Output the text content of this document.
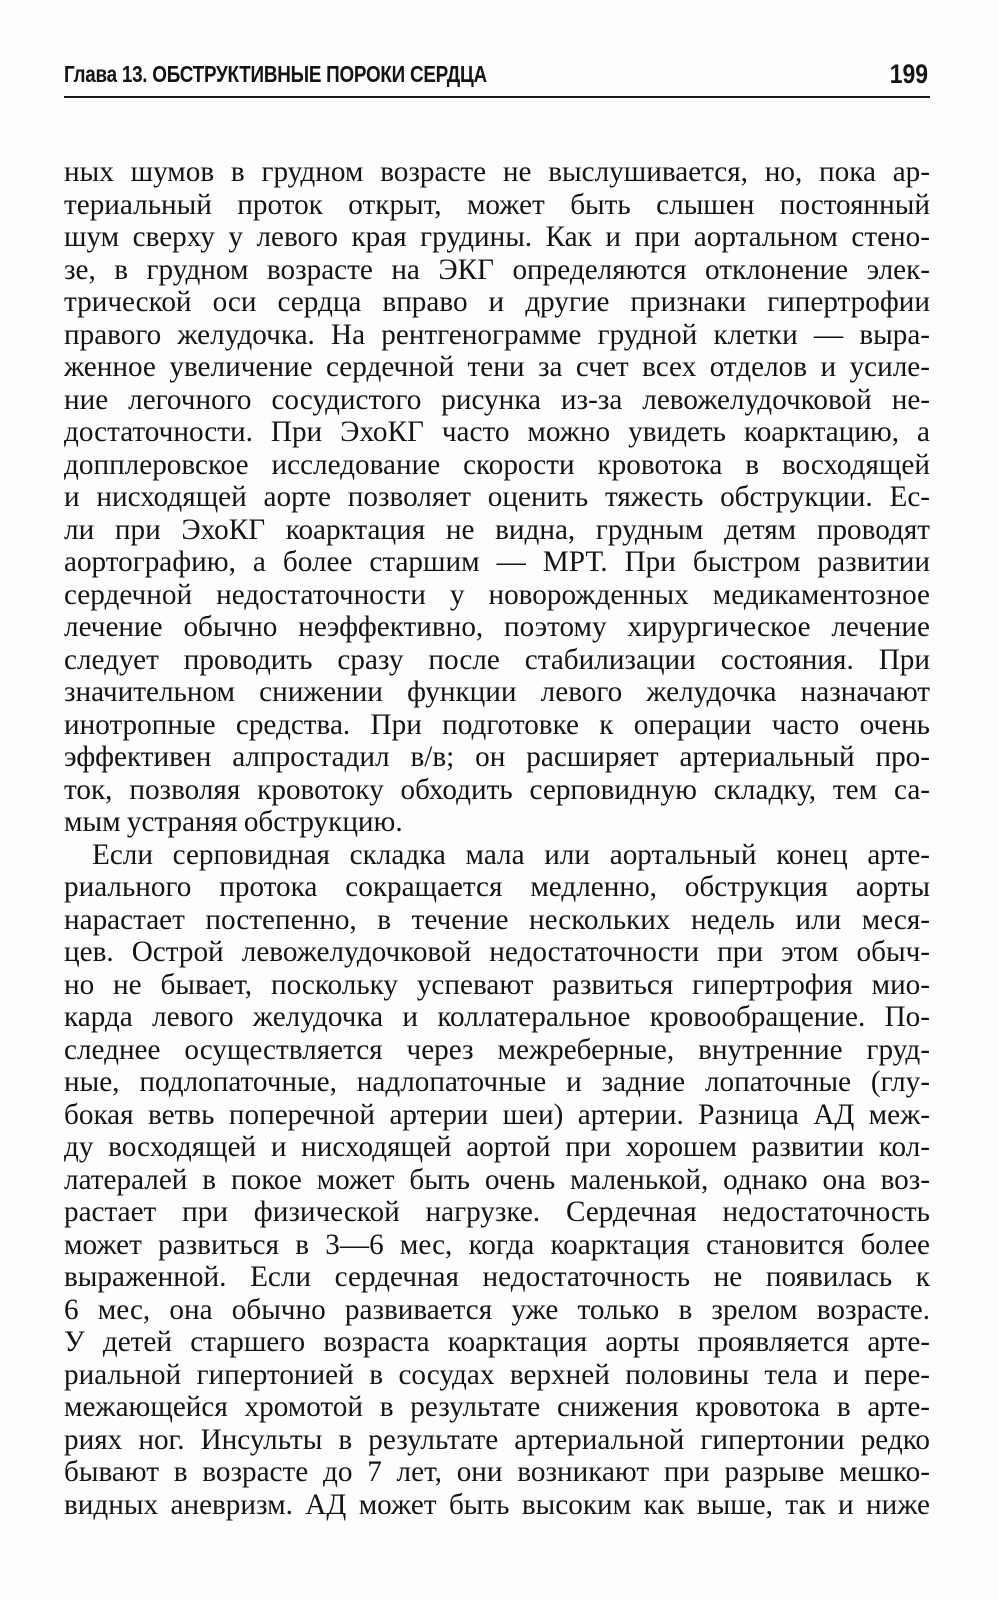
Глава 13. ОБСТРУКТИВНЫЕ ПОРОКИ СЕРДЦА	199
ных шумов в грудном возрасте не выслушивается, но, пока ар-
териальный проток открыт, может быть слышен постоянный
шум сверху у левого края грудины. Как и при аортальном стено-
зе, в грудном возрасте на ЭКГ определяются отклонение элек-
трической оси сердца вправо и другие признаки гипертрофии
правого желудочка. На рентгенограмме грудной клетки — выра-
женное увеличение сердечной тени за счет всех отделов и усиле-
ние легочного сосудистого рисунка из-за левожелудочковой не-
достаточности. При ЭхоКГ часто можно увидеть коарктацию, а
допплеровское исследование скорости кровотока в восходящей
и нисходящей аорте позволяет оценить тяжесть обструкции. Ес-
ли при ЭхоКГ коарктация не видна, грудным детям проводят
аортографию, а более старшим — МРТ. При быстром развитии
сердечной недостаточности у новорожденных медикаментозное
лечение обычно неэффективно, поэтому хирургическое лечение
следует проводить сразу после стабилизации состояния. При
значительном снижении функции левого желудочка назначают
инотропные средства. При подготовке к операции часто очень
эффективен алпростадил в/в; он расширяет артериальный про-
ток, позволяя кровотоку обходить серповидную складку, тем са-
мым устраняя обструкцию.
Если серповидная складка мала или аортальный конец арте-
риального протока сокращается медленно, обструкция аорты
нарастает постепенно, в течение нескольких недель или меся-
цев. Острой левожелудочковой недостаточности при этом обыч-
но не бывает, поскольку успевают развиться гипертрофия мио-
карда левого желудочка и коллатеральное кровообращение. По-
следнее осуществляется через межреберные, внутренние груд-
ные, подлопаточные, надлопаточные и задние лопаточные (глу-
бокая ветвь поперечной артерии шеи) артерии. Разница АД меж-
ду восходящей и нисходящей аортой при хорошем развитии кол-
латералей в покое может быть очень маленькой, однако она воз-
растает при физической нагрузке. Сердечная недостаточность
может развиться в 3—6 мес, когда коарктация становится более
выраженной. Если сердечная недостаточность не появилась к
6 мес, она обычно развивается уже только в зрелом возрасте.
У детей старшего возраста коарктация аорты проявляется арте-
риальной гипертонией в сосудах верхней половины тела и пере-
межающейся хромотой в результате снижения кровотока в арте-
риях ног. Инсульты в результате артериальной гипертонии редко
бывают в возрасте до 7 лет, они возникают при разрыве мешко-
видных аневризм. АД может быть высоким как выше, так и ниже
